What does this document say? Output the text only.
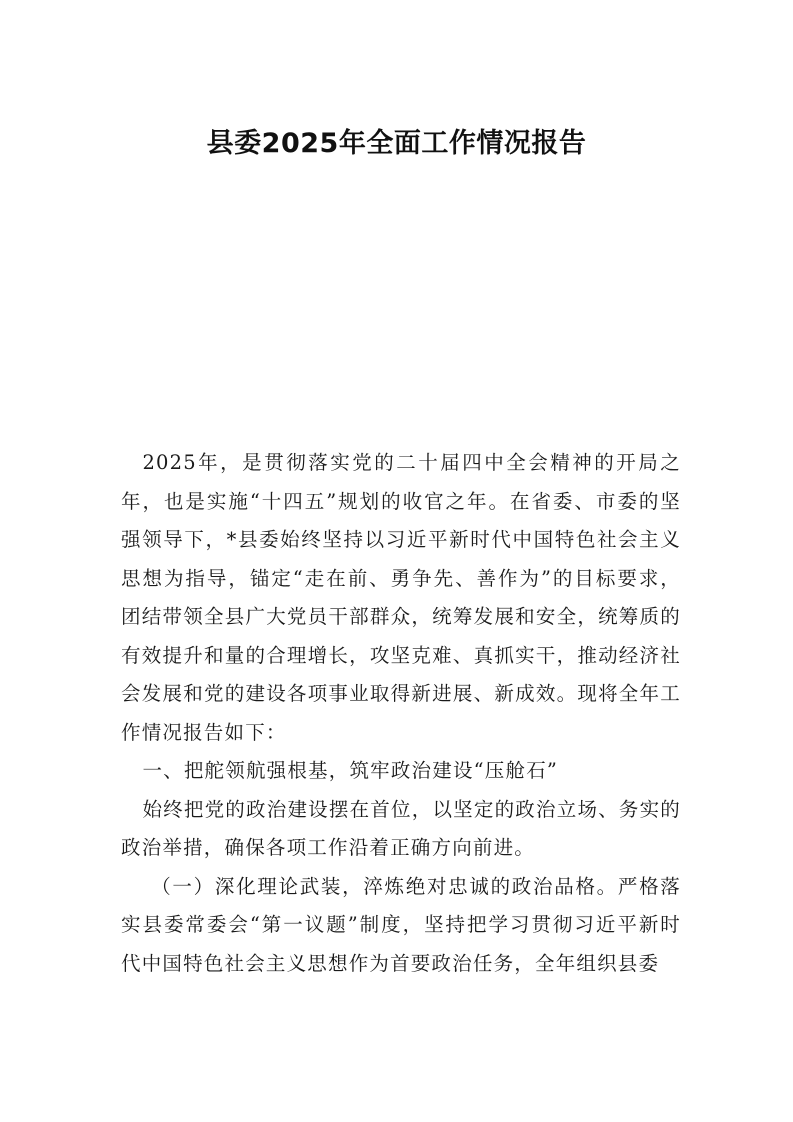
县委2025年全面工作情况报告

2025年，是贯彻落实党的二十届四中全会精神的开局之年，也是实施“十四五”规划的收官之年。在省委、市委的坚强领导下，*县委始终坚持以习近平新时代中国特色社会主义思想为指导，锚定“走在前、勇争先、善作为”的目标要求，团结带领全县广大党员干部群众，统筹发展和安全，统筹质的有效提升和量的合理增长，攻坚克难、真抓实干，推动经济社会发展和党的建设各项事业取得新进展、新成效。现将全年工作情况报告如下：

一、把舵领航强根基，筑牢政治建设“压舱石”

始终把党的政治建设摆在首位，以坚定的政治立场、务实的政治举措，确保各项工作沿着正确方向前进。

（一）深化理论武装，淬炼绝对忠诚的政治品格。严格落实县委常委会“第一议题”制度，坚持把学习贯彻习近平新时代中国特色社会主义思想作为首要政治任务，全年组织县委
